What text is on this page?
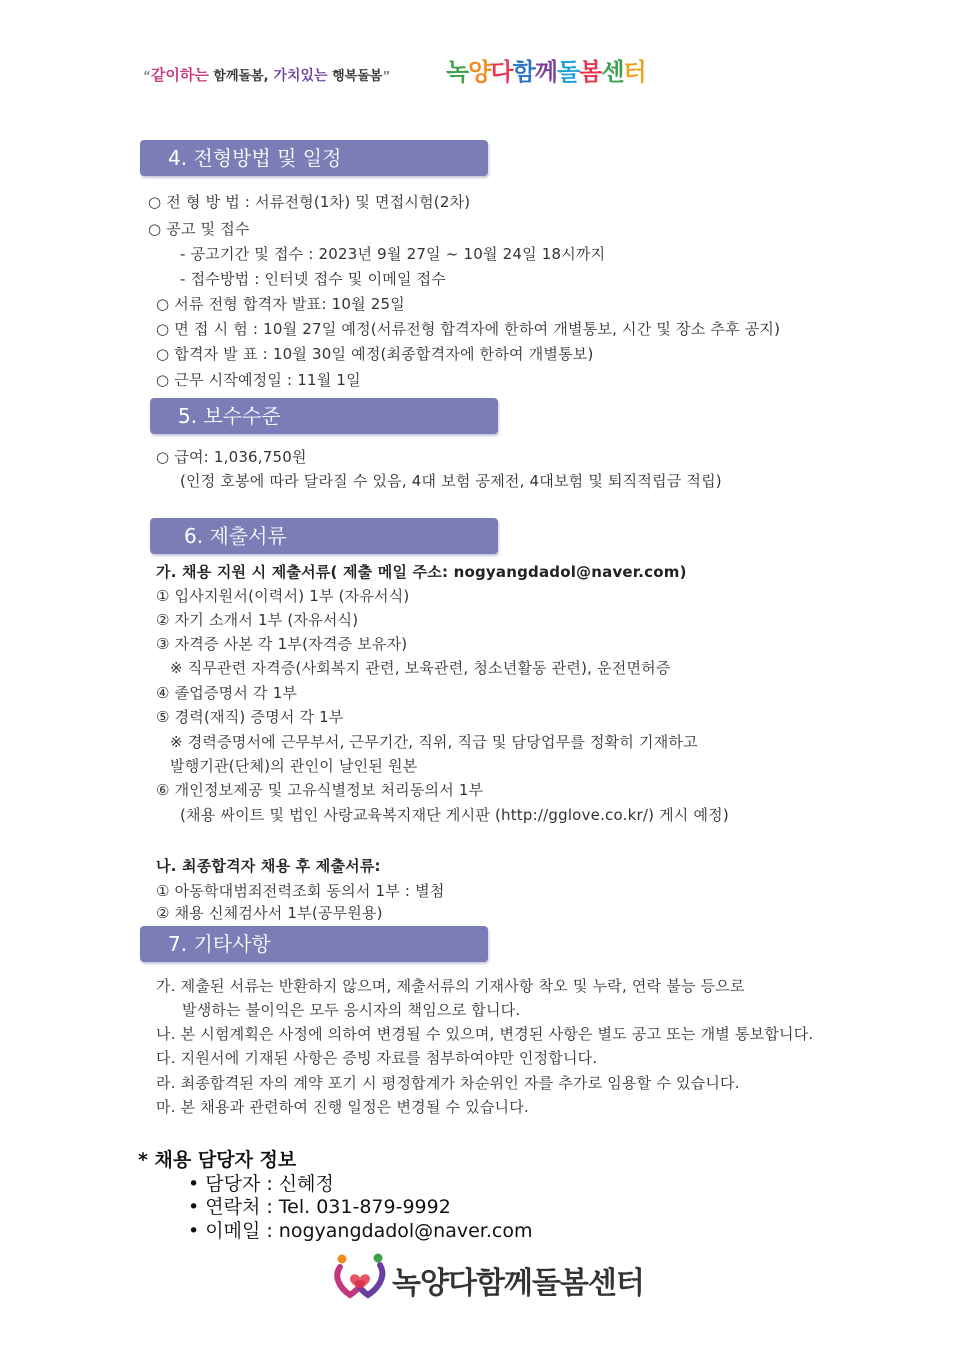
“같이하는 함께돌봄, 가치있는 행복돌봄” 녹양다함께돌봄센터
4. 전형방법 및 일정
○ 전 형 방 법 : 서류전형(1차) 및 면접시험(2차)
○ 공고 및 접수
- 공고기간 및 접수 : 2023년 9월 27일 ~ 10월 24일 18시까지
- 접수방법 : 인터넷 접수 및 이메일 접수
○ 서류 전형 합격자 발표: 10월 25일
○ 면 접 시 험 : 10월 27일 예정(서류전형 합격자에 한하여 개별통보, 시간 및 장소 추후 공지)
○ 합격자 발 표 : 10월 30일 예정(최종합격자에 한하여 개별통보)
○ 근무 시작예정일 : 11월 1일
5. 보수수준
○ 급여: 1,036,750원
(인정 호봉에 따라 달라질 수 있음, 4대 보험 공제전, 4대보험 및 퇴직적립금 적립)
6. 제출서류
가. 채용 지원 시 제출서류( 제출 메일 주소: nogyangdadol@naver.com)
① 입사지원서(이력서) 1부 (자유서식)
② 자기 소개서 1부 (자유서식)
③ 자격증 사본 각 1부(자격증 보유자)
※ 직무관련 자격증(사회복지 관련, 보육관련, 청소년활동 관련), 운전면허증
④ 졸업증명서 각 1부
⑤ 경력(재직) 증명서 각 1부
※ 경력증명서에 근무부서, 근무기간, 직위, 직급 및 담당업무를 정확히 기재하고
발행기관(단체)의 관인이 날인된 원본
⑥ 개인정보제공 및 고유식별정보 처리동의서 1부
(채용 싸이트 및 법인 사랑교육복지재단 게시판 (http://gglove.co.kr/) 게시 예정)
나. 최종합격자 채용 후 제출서류:
① 아동학대범죄전력조회 동의서 1부 : 별첨
② 채용 신체검사서 1부(공무원용)
7. 기타사항
가. 제출된 서류는 반환하지 않으며, 제출서류의 기재사항 착오 및 누락, 연락 불능 등으로
발생하는 불이익은 모두 응시자의 책임으로 합니다.
나. 본 시험계획은 사정에 의하여 변경될 수 있으며, 변경된 사항은 별도 공고 또는 개별 통보합니다.
다. 지원서에 기재된 사항은 증빙 자료를 첨부하여야만 인정합니다.
라. 최종합격된 자의 계약 포기 시 평정합계가 차순위인 자를 추가로 임용할 수 있습니다.
마. 본 채용과 관련하여 진행 일정은 변경될 수 있습니다.
* 채용 담당자 정보
• 담당자 : 신혜정
• 연락처 : Tel. 031-879-9992
• 이메일 : nogyangdadol@naver.com
녹양다함께돌봄센터
